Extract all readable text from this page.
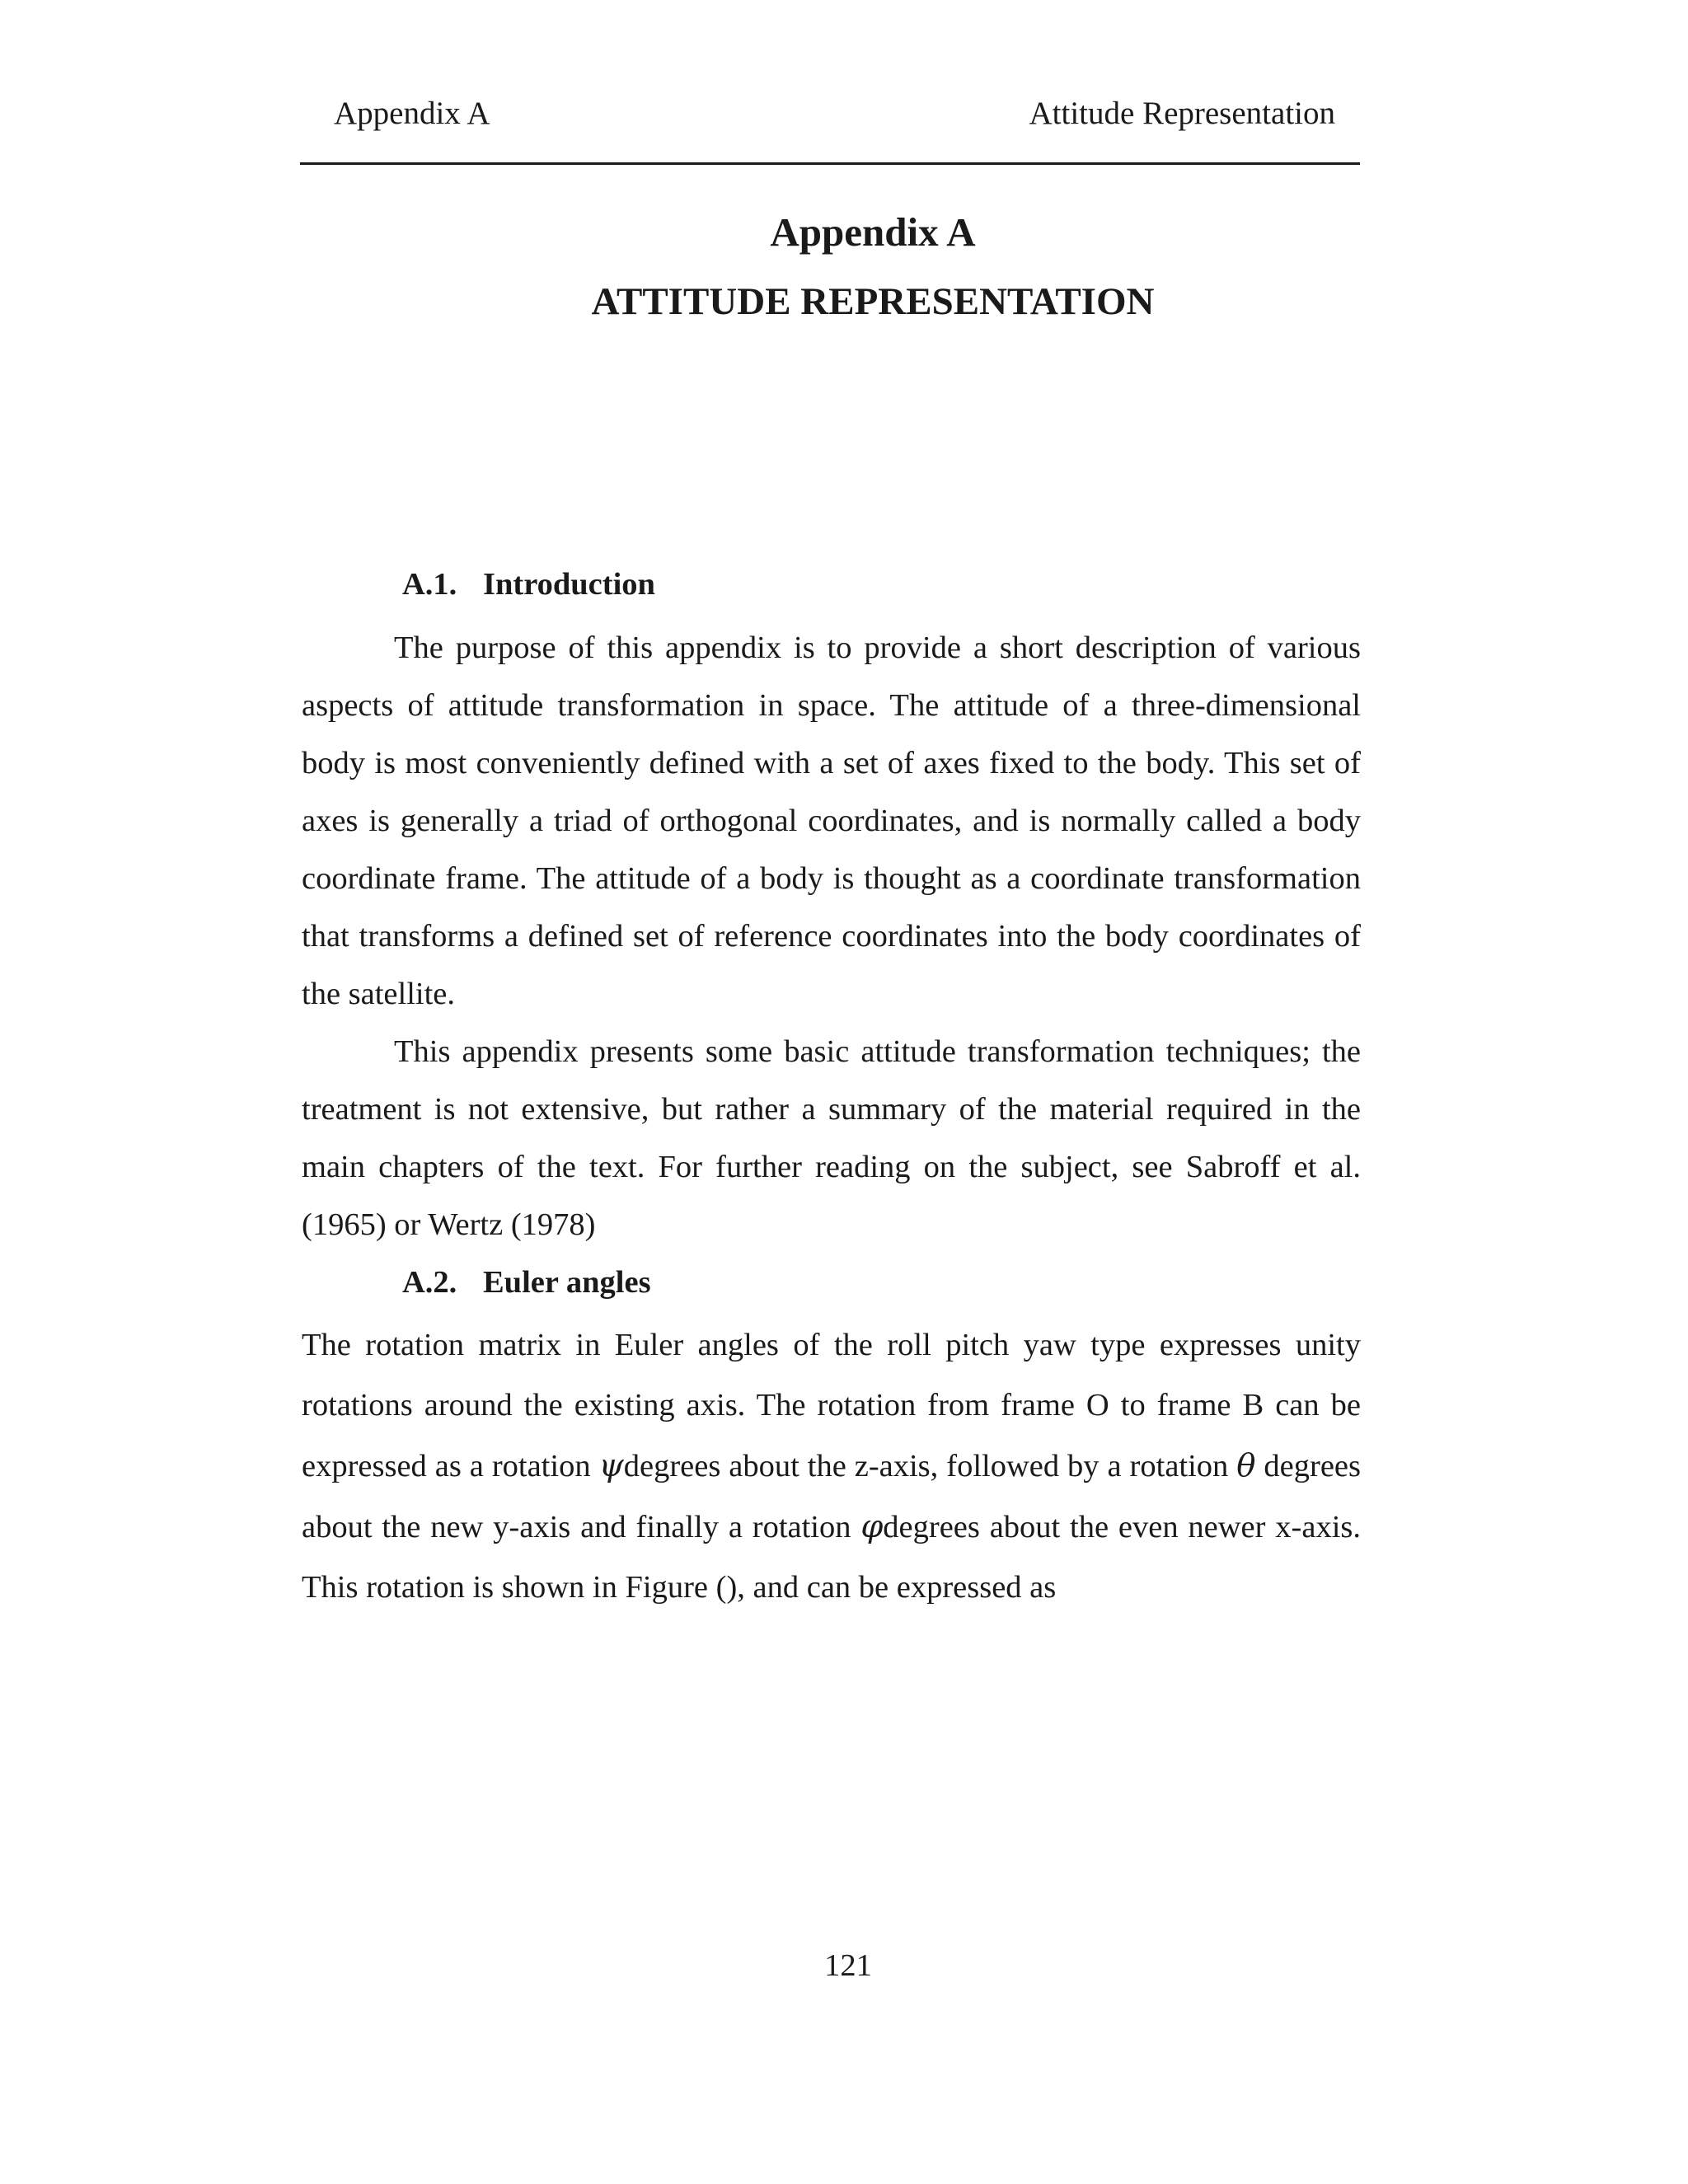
Appendix A	Attitude Representation
Appendix A
ATTITUDE REPRESENTATION
A.1. Introduction

The purpose of this appendix is to provide a short description of various aspects of attitude transformation in space. The attitude of a three-dimensional body is most conveniently defined with a set of axes fixed to the body. This set of axes is generally a triad of orthogonal coordinates, and is normally called a body coordinate frame. The attitude of a body is thought as a coordinate transformation that transforms a defined set of reference coordinates into the body coordinates of the satellite.

This appendix presents some basic attitude transformation techniques; the treatment is not extensive, but rather a summary of the material required in the main chapters of the text. For further reading on the subject, see Sabroff et al. (1965) or Wertz (1978)

A.2. Euler angles

The rotation matrix in Euler angles of the roll pitch yaw type expresses unity rotations around the existing axis. The rotation from frame O to frame B can be expressed as a rotation ψdegrees about the z-axis, followed by a rotation θ degrees about the new y-axis and finally a rotation φdegrees about the even newer x-axis. This rotation is shown in Figure (), and can be expressed as

121
